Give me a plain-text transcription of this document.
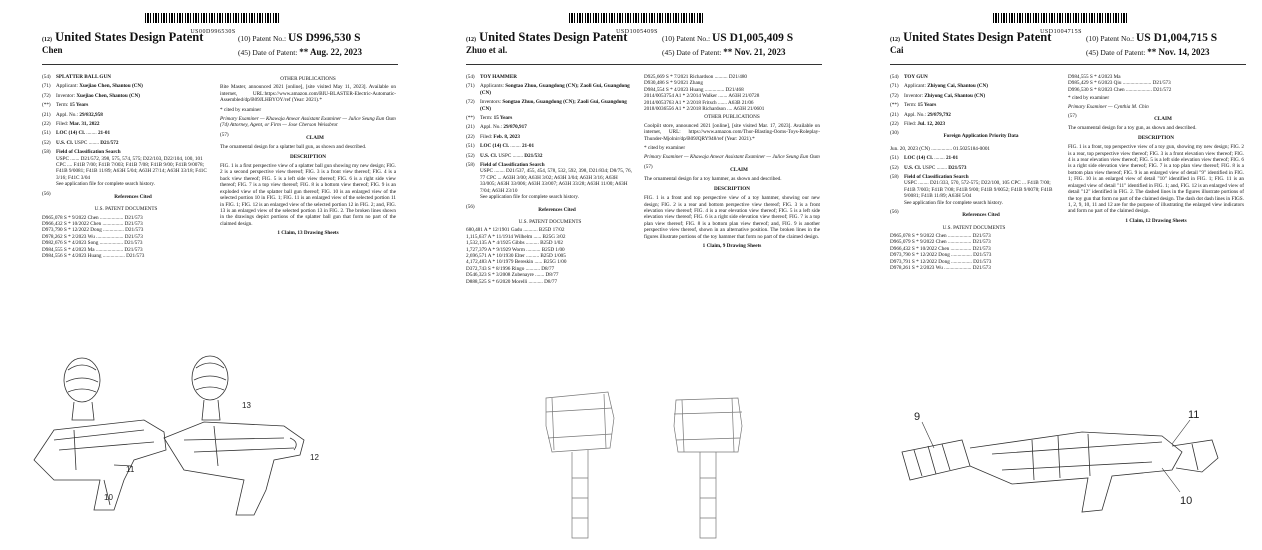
US00D996530S
(12) United States Design Patent
Chen
(10) Patent No.: US D996,530 S
(45) Date of Patent: ** Aug. 22, 2023
(54)	SPLATTER BALL GUN
(71)	Applicant: Xuejiao Chen, Shantou (CN)
(72)	Inventor: Xuejiao Chen, Shantou (CN)
(**)	Term: 15 Years
(21)	Appl. No.: 29/832,958
(22)	Filed: Mar. 31, 2022
(51)	LOC (14) Cl. ........ 21-01
(52)	U.S. Cl. USPC ........ D21/572
(58)	Field of Classification Search
USPC ....... D21/572, 398, 575, 574, 575; D22/103, D22/104, 100, 101 CPC .... F41B 7/00; F41B 7/003; F41B 7/08; F41B 9/00; F41B 9/0078; F41B 9/0081; F41B 11/89; A63H 5/04; A63H 27/14; A63H 33/18; F41C 3/16; F41C 3/04
See application file for complete search history.
(56)	References Cited
U.S. PATENT DOCUMENTS
D965,078 S * 9/2022 Chen .................. D21/573
D966,432 S * 10/2022 Chen ................ D21/573
D973,790 S * 12/2022 Dong ................ D21/573
D978,262 S * 2/2023 Wu ..................... D21/573
D982,676 S * 4/2023 Song .................. D21/573
D984,555 S * 4/2023 Ma ..................... D21/573
D984,556 S * 4/2023 Huang ................. D21/573
OTHER PUBLICATIONS
Bite Master, announced 2021 [online], [site visited May 11, 2023]. Available on internet, URL:https://www.amazon.com/BIU-BLASTER-Electric-Automatic-Assembled/dp/B09JLHBYOY/ref (Year: 2021).*
* cited by examiner
Primary Examiner — Khawaja Anwar Assistant Examiner — Julice Seung Eun Oum (74) Attorney, Agent, or Firm — Jose Cherson Weissbrot
(57)	CLAIM
The ornamental design for a splatter ball gun, as shown and described.
DESCRIPTION
FIG. 1 is a first perspective view of a splatter ball gun showing my new design; FIG. 2 is a second perspective view thereof; FIG. 3 is a front view thereof; FIG. 4 is a back view thereof; FIG. 5 is a left side view thereof; FIG. 6 is a right side view thereof; FIG. 7 is a top view thereof; FIG. 8 is a bottom view thereof; FIG. 9 is an exploded view of the splatter ball gun thereof; FIG. 10 is an enlarged view of the selected portion 10 in FIG. 1; FIG. 11 is an enlarged view of the selected portion 11 in FIG. 1; FIG. 12 is an enlarged view of the selected portion 12 in FIG. 2; and, FIG. 13 is an enlarged view of the selected portion 13 in FIG. 2. The broken lines shown in the drawings depict portions of the splatter ball gun that form no part of the claimed design.
1 Claim, 13 Drawing Sheets
11
10
13
12
USD1005409S
(12) United States Design Patent
Zhuo et al.
(10) Patent No.: US D1,005,409 S
(45) Date of Patent: ** Nov. 21, 2023
(54)	TOY HAMMER
(71)	Applicants: Songtao Zhuo, Guangdong (CN); Zaoli Gui, Guangdong (CN)
(72)	Inventors: Songtao Zhuo, Guangdong (CN); Zaoli Gui, Guangdong (CN)
(**)	Term: 15 Years
(21)	Appl. No.: 29/870,917
(22)	Filed: Feb. 8, 2023
(51)	LOC (14) Cl. ........ 21-01
(52)	U.S. Cl. USPC ........ D21/532
(58)	Field of Classification Search
USPC ........ D21/537, 455, 454, 578, 532, 592, 398, D21/834; D8/75, 76, 77 CPC ... A63H 3/00; A63H 3/02; A63H 3/04; A63H 3/16; A63H 33/005; A63H 33/006; A63H 33/007; A63H 33/28; A63H 11/00; A63H 7/04; A63H 23/10
See application file for complete search history.
(56)	References Cited
U.S. PATENT DOCUMENTS
680,481 A * 12/1901 Gadu ........... B25D 17/02
1,115,637 A * 11/1914 Wilhelm ...... B25G 3/02
1,532,135 A * 4/1925 Gibbs .......... B25D 1/02
1,727,379 A * 9/1929 Worm ........... B25D 1/00
2,696,571 A * 10/1930 Elter .......... B25D 1/005
4,172,483 A * 10/1979 Bereskin ...... B25G 1/00
D372,743 S * 8/1996 Ringo ........... D8/77
D546,323 S * 3/2008 Zubenayre ....... D8/77
D888,525 S * 6/2020 Morelli ........... D8/77
D925,669 S * 7/2021 Richardson .......... D21/480
D930,486 S * 9/2021 Zhang
D984,554 S * 4/2023 Huang ............... D21/468
2014/0053754 A1 * 2/2014 Walker ....... A63H 21/0728
2014/0053763 A1 * 2/2018 Fritsch ....... A63B 21/06
2018/0036556 A1 * 2/2018 Richardson .... A63H 21/0601
OTHER PUBLICATIONS
Coolpiit store, announced 2021 [online], [site visited Mar. 17, 2023]. Available on internet, URL: https://www.amazon.com/Thor-Blasting-Ooms-Toys-Roleplay-Thunder-Mjolnir/dp/B09JQRY948/ref (Year: 2021).*
* cited by examiner
Primary Examiner — Khawaja Anwar Assistant Examiner — Julice Seung Eun Oum
(57)	CLAIM
The ornamental design for a toy hammer, as shown and described.
DESCRIPTION
FIG. 1 is a front and top perspective view of a toy hammer, showing our new design; FIG. 2 is a rear and bottom perspective view thereof; FIG. 3 is a front elevation view thereof; FIG. 4 is a rear elevation view thereof; FIG. 5 is a left side elevation view thereof; FIG. 6 is a right side elevation view thereof; FIG. 7 is a top plan view thereof; FIG. 8 is a bottom plan view thereof; and, FIG. 9 is another perspective view thereof, shown in an alternative position. The broken lines in the figures illustrate portions of the toy hammer that form no part of the claimed design.
1 Claim, 9 Drawing Sheets
USD1004715S
(12) United States Design Patent
Cai
(10) Patent No.: US D1,004,715 S
(45) Date of Patent: ** Nov. 14, 2023
(54)	TOY GUN
(71)	Applicant: Zhiyong Cai, Shantou (CN)
(72)	Inventor: Zhiyong Cai, Shantou (CN)
(**)	Term: 15 Years
(21)	Appl. No.: 29/879,792
(22)	Filed: Jul. 12, 2023
(30)	Foreign Application Priority Data
Jun. 20, 2023 (CN) ................ 01.5025184-0001
(51)	LOC (14) Cl. ........ 21-01
(52)	U.S. Cl. USPC ........ D21/573
(58)	Field of Classification Search
USPC ........ D21/333, 570, 572-575; D22/100, 105 CPC ... F41B 7/00; F41B 7/003; F41B 7/08; F41B 9/00; F41B 9/0052; F41B 9/0078; F41B 9/0081; F41B 11/89; A63H 5/04
See application file for complete search history.
(56)	References Cited
U.S. PATENT DOCUMENTS
D965,078 S * 9/2022 Chen .................. D21/573
D965,079 S * 9/2022 Chen .................. D21/573
D966,432 S * 10/2022 Chen ................ D21/573
D973,790 S * 12/2022 Dong ................ D21/573
D973,791 S * 12/2022 Dong ................ D21/573
D978,261 S * 2/2023 Wu ..................... D21/573
D984,555 S * 4/2023 Ma
D985,429 S * 6/2023 Qiu ...................... D21/573
D996,530 S * 8/2023 Chen .................... D21/572
* cited by examiner
Primary Examiner — Cynthia M. Chin
(57)	CLAIM
The ornamental design for a toy gun, as shown and described.
DESCRIPTION
FIG. 1 is a front, top perspective view of a toy gun, showing my new design; FIG. 2 is a rear, top perspective view thereof; FIG. 3 is a front elevation view thereof; FIG. 4 is a rear elevation view thereof; FIG. 5 is a left side elevation view thereof; FIG. 6 is a right side elevation view thereof; FIG. 7 is a top plan view thereof; FIG. 8 is a bottom plan view thereof; FIG. 9 is an enlarged view of detail "9" identified in FIG. 1; FIG. 10 is an enlarged view of detail "10" identified in FIG. 1; FIG. 11 is an enlarged view of detail "11" identified in FIG. 1; and, FIG. 12 is an enlarged view of detail "12" identified in FIG. 2. The dashed lines in the figures illustrate portions of the toy gun that form no part of the claimed design. The dash dot dash lines in FIGS. 1, 2, 9, 10, 11 and 12 are for the purpose of illustrating the enlarged view indicators and form no part of the claimed design.
1 Claim, 12 Drawing Sheets
9	11
10
